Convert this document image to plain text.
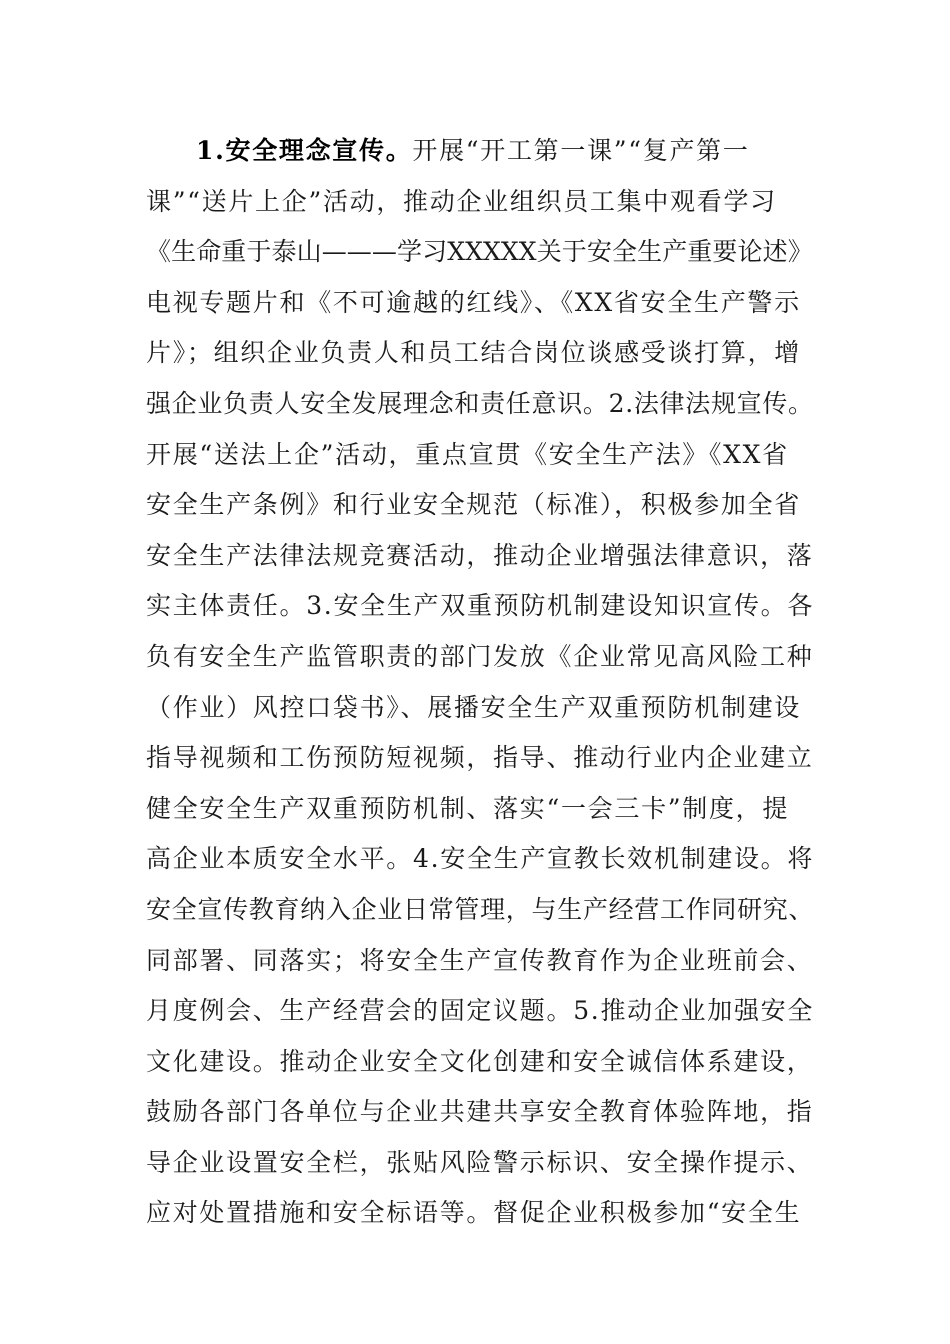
1.安全理念宣传。开展“开工第一课”“复产第一
课”“送片上企”活动，推动企业组织员工集中观看学习
《生命重于泰山———学习XXXXX关于安全生产重要论述》
电视专题片和《不可逾越的红线》、《XX省安全生产警示
片》；组织企业负责人和员工结合岗位谈感受谈打算，增
强企业负责人安全发展理念和责任意识。2.法律法规宣传。
开展“送法上企”活动，重点宣贯《安全生产法》《XX省
安全生产条例》和行业安全规范（标准），积极参加全省
安全生产法律法规竞赛活动，推动企业增强法律意识，落
实主体责任。3.安全生产双重预防机制建设知识宣传。各
负有安全生产监管职责的部门发放《企业常见高风险工种
（作业）风控口袋书》、展播安全生产双重预防机制建设
指导视频和工伤预防短视频，指导、推动行业内企业建立
健全安全生产双重预防机制、落实“一会三卡”制度，提
高企业本质安全水平。4.安全生产宣教长效机制建设。将
安全宣传教育纳入企业日常管理，与生产经营工作同研究、
同部署、同落实；将安全生产宣传教育作为企业班前会、
月度例会、生产经营会的固定议题。5.推动企业加强安全
文化建设。推动企业安全文化创建和安全诚信体系建设，
鼓励各部门各单位与企业共建共享安全教育体验阵地，指
导企业设置安全栏，张贴风险警示标识、安全操作提示、
应对处置措施和安全标语等。督促企业积极参加“安全生
